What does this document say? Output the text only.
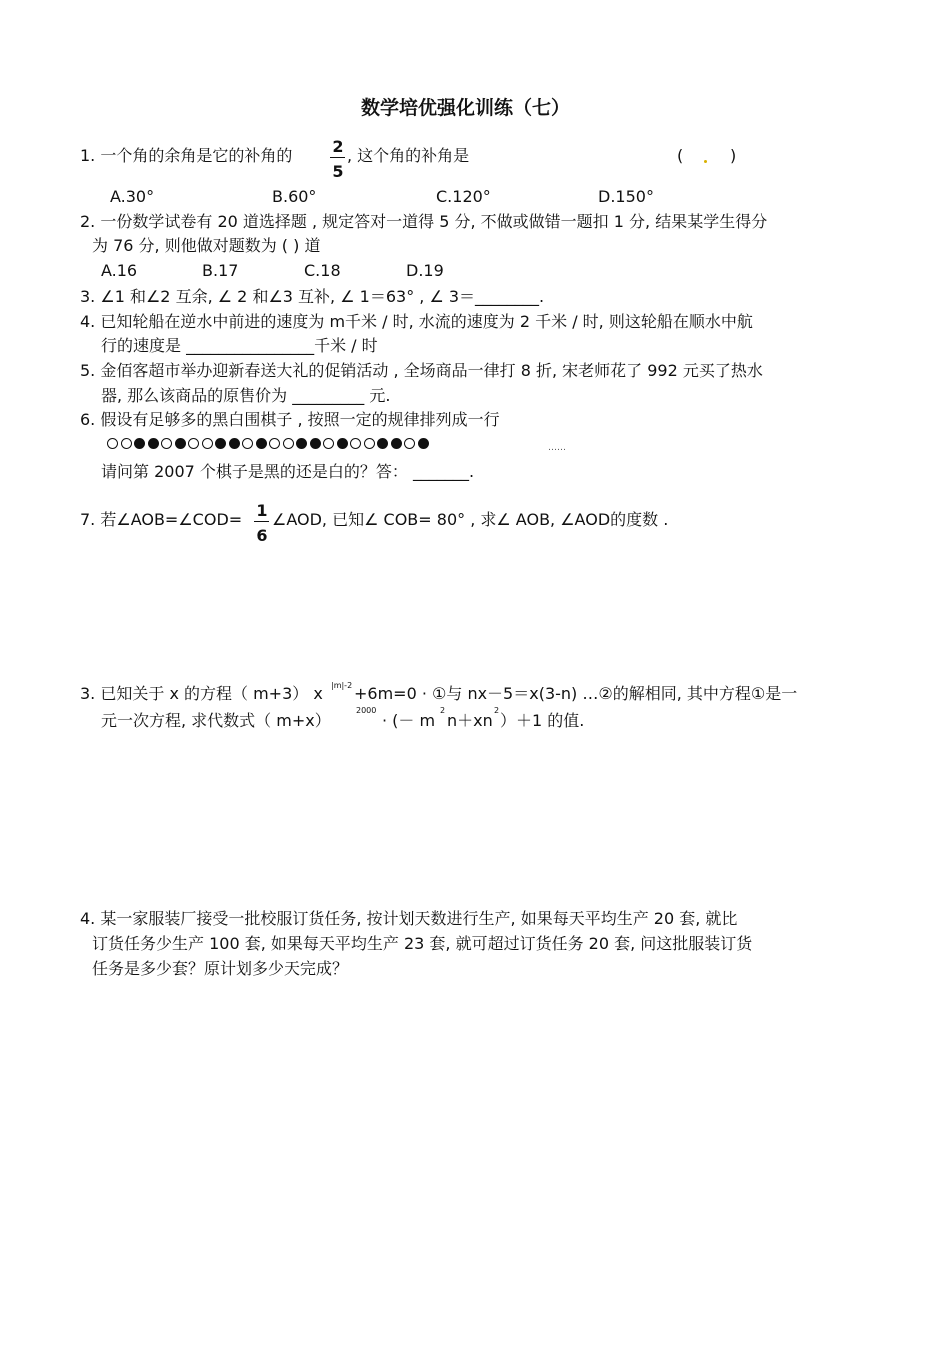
数学培优强化训练（七）
1. 一个角的余角是它的补角的	2
5
, 这个角的补角是	(	)
A.30°	B.60°	C.120°	D.150°
2. 一份数学试卷有 20 道选择题 , 规定答对一道得 5 分, 不做或做错一题扣 1 分, 结果某学生得分
为 76 分, 则他做对题数为 ( ) 道
A.16	B.17	C.18	D.19
3. ∠1 和∠2 互余, ∠ 2 和∠3 互补, ∠ 1＝63° , ∠ 3＝________.
4. 已知轮船在逆水中前进的速度为 m千米 / 时, 水流的速度为 2 千米 / 时, 则这轮船在顺水中航
行的速度是 ________________千米 / 时
5. 金佰客超市举办迎新春送大礼的促销活动 , 全场商品一律打 8 折, 宋老师花了 992 元买了热水
器, 那么该商品的原售价为 _________ 元.
6. 假设有足够多的黑白围棋子 , 按照一定的规律排列成一行
……
请问第 2007 个棋子是黑的还是白的？答： _______.
7. 若∠AOB=∠COD= 1
6
∠AOD, 已知∠ COB= 80° , 求∠ AOB, ∠AOD的度数 .
3. 已知关于 x 的方程（ m+3） x |m|-2 +6m=0 · ①与 nx－5＝x(3-n) …②的解相同, 其中方程①是一
元一次方程, 求代数式（ m+x）
2000
· (－ m
2
n＋xn
2
）＋1 的值.
4. 某一家服装厂接受一批校服订货任务, 按计划天数进行生产, 如果每天平均生产 20 套, 就比
订货任务少生产 100 套, 如果每天平均生产 23 套, 就可超过订货任务 20 套, 问这批服装订货
任务是多少套？原计划多少天完成？
